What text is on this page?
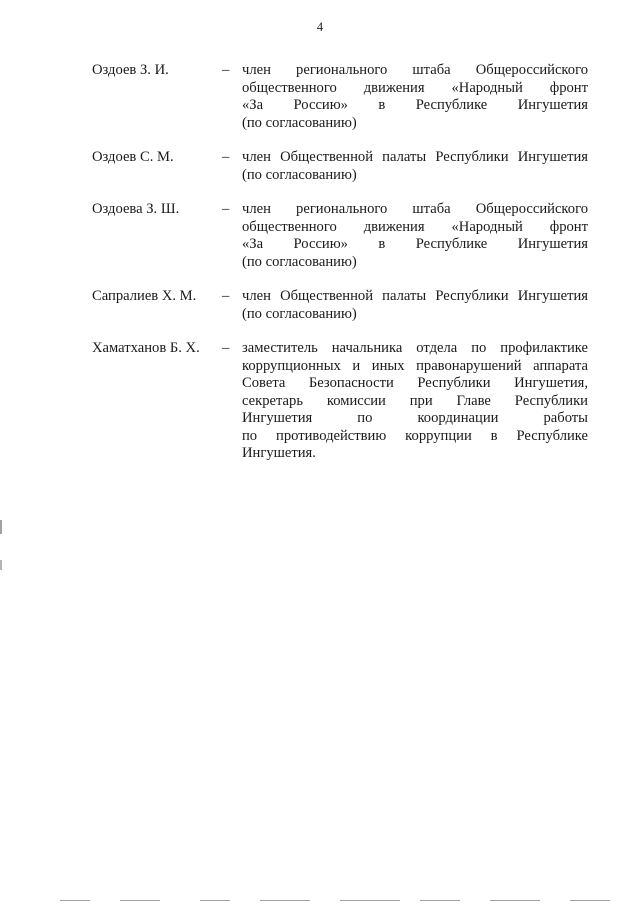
4
Оздоев З. И.	– член регионального штаба Общероссийского
общественного движения «Народный фронт
«За Россию» в Республике Ингушетия
(по согласованию)
Оздоев С. М.	– член Общественной палаты Республики Ингушетия
(по согласованию)
Оздоева З. Ш.	– член регионального штаба Общероссийского
общественного движения «Народный фронт
«За Россию» в Республике Ингушетия
(по согласованию)
Сапралиев Х. М.	– член Общественной палаты Республики Ингушетия
(по согласованию)
Хаматханов Б. Х.	– заместитель начальника отдела по профилактике
коррупционных и иных правонарушений аппарата
Совета Безопасности Республики Ингушетия,
секретарь комиссии при Главе Республики
Ингушетия по координации работы
по противодействию коррупции в Республике
Ингушетия.
